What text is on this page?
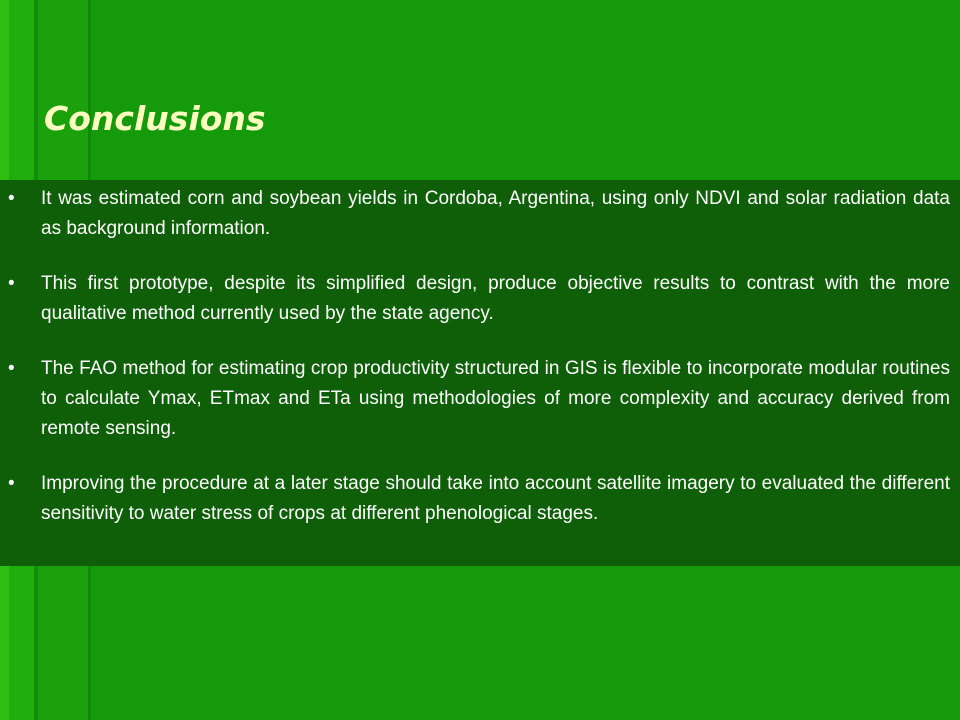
Conclusions
•	It was estimated corn and soybean yields in Cordoba, Argentina, using only NDVI and solar radiation data as background information.
•	This first prototype, despite its simplified design, produce objective results to contrast with the more qualitative method currently used by the state agency.
•	The FAO method for estimating crop productivity structured in GIS is flexible to incorporate modular routines to calculate Ymax, ETmax and ETa using methodologies of more complexity and accuracy derived from remote sensing.
•	Improving the procedure at a later stage should take into account satellite imagery to evaluated the different sensitivity to water stress of crops at different phenological stages.
